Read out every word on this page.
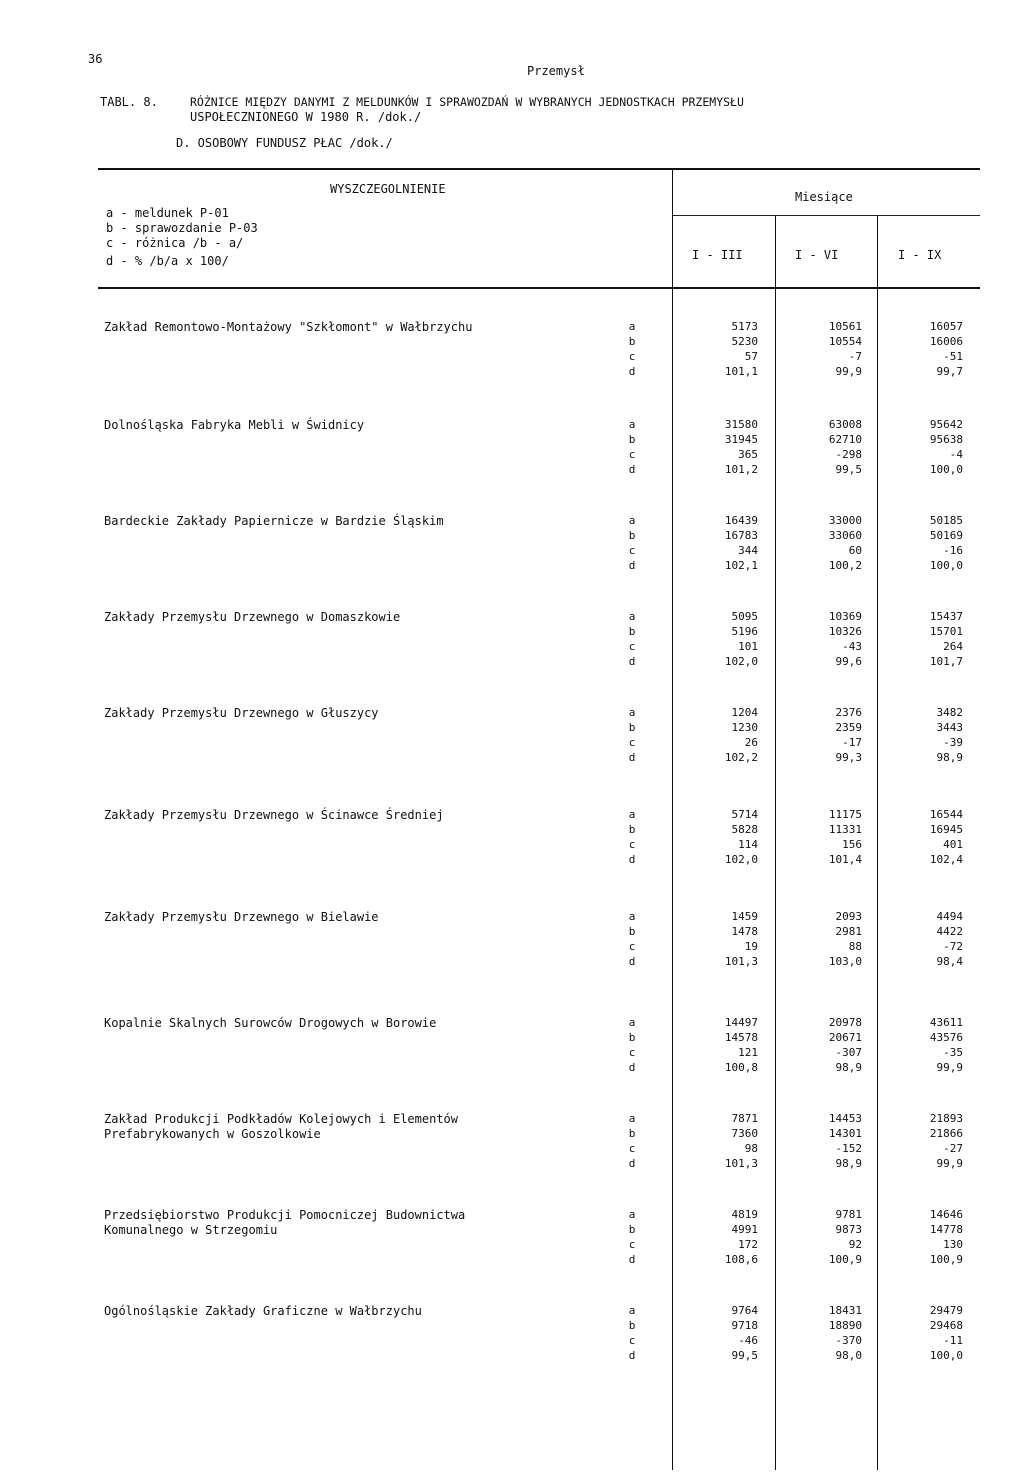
36
Przemysł
TABL. 8.	RÓŻNICE MIĘDZY DANYMI Z MELDUNKÓW I SPRAWOZDAŃ W WYBRANYCH JEDNOSTKACH PRZEMYSŁU
USPOŁECZNIONEGO W 1980 R. /dok./
D. OSOBOWY FUNDUSZ PŁAC /dok./
WYSZCZEGOLNIENIE
Miesiące
I - III	I - VI	I - IX
a - meldunek P-01
b - sprawozdanie P-03
c - różnica /b - a/
d - % /b/a x 100/
Zakład Remontowo-Montażowy "Szkłomont" w Wałbrzychu	a	5173	10561	16057
b	5230	10554	16006
c	57	-7	-51
d	101,1	99,9	99,7
Dolnośląska Fabryka Mebli w Świdnicy	a	31580	63008	95642
b	31945	62710	95638
c	365	-298	-4
d	101,2	99,5	100,0
Bardeckie Zakłady Papiernicze w Bardzie Śląskim	a	16439	33000	50185
b	16783	33060	50169
c	344	60	-16
d	102,1	100,2	100,0
Zakłady Przemysłu Drzewnego w Domaszkowie	a	5095	10369	15437
b	5196	10326	15701
c	101	-43	264
d	102,0	99,6	101,7
Zakłady Przemysłu Drzewnego w Głuszycy	a	1204	2376	3482
b	1230	2359	3443
c	26	-17	-39
d	102,2	99,3	98,9
Zakłady Przemysłu Drzewnego w Ścinawce Średniej	a	5714	11175	16544
b	5828	11331	16945
c	114	156	401
d	102,0	101,4	102,4
Zakłady Przemysłu Drzewnego w Bielawie	a	1459	2093	4494
b	1478	2981	4422
c	19	88	-72
d	101,3	103,0	98,4
Kopalnie Skalnych Surowców Drogowych w Borowie	a	14497	20978	43611
b	14578	20671	43576
c	121	-307	-35
d	100,8	98,9	99,9
Zakład Produkcji Podkładów Kolejowych i Elementów
Prefabrykowanych w Goszolkowie
a	7871	14453	21893
b	7360	14301	21866
c	98	-152	-27
d	101,3	98,9	99,9
Przedsiębiorstwo Produkcji Pomocniczej Budownictwa
Komunalnego w Strzegomiu
a	4819	9781	14646
b	4991	9873	14778
c	172	92	130
d	108,6	100,9	100,9
Ogólnośląskie Zakłady Graficzne w Wałbrzychu	a	9764	18431	29479
b	9718	18890	29468
c	-46	-370	-11
d	99,5	98,0	100,0
